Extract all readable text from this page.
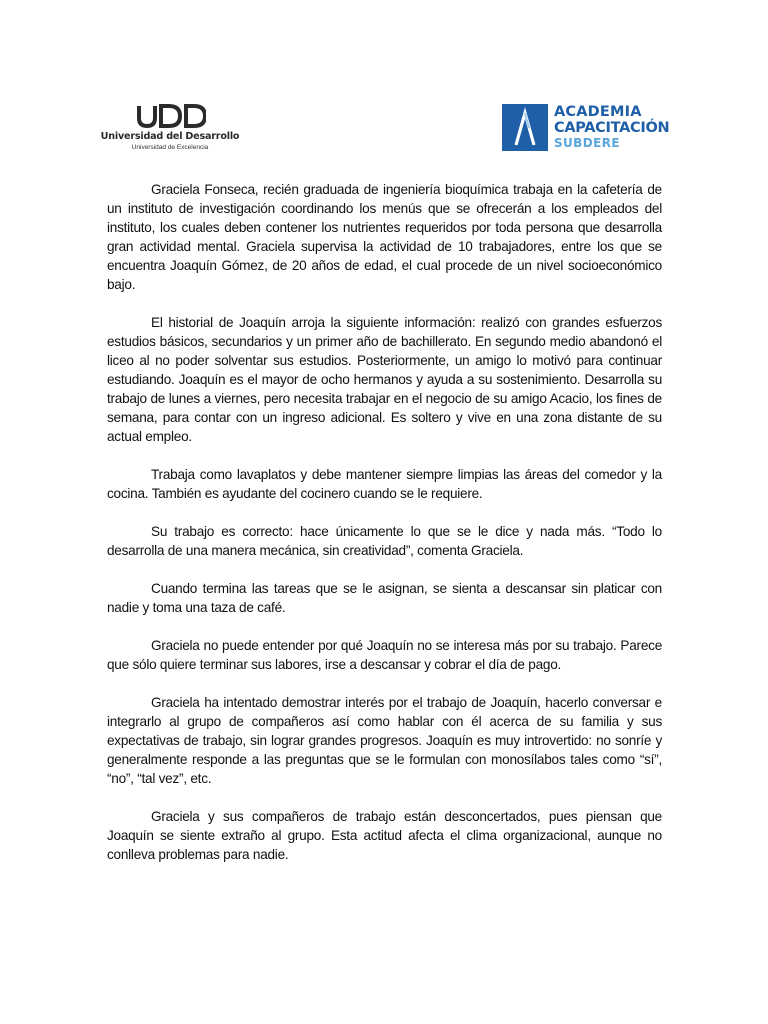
Universidad del Desarrollo
Universidad de Excelencia
ACADEMIA
CAPACITACIÓN
SUBDERE

Graciela Fonseca, recién graduada de ingeniería bioquímica trabaja en la cafetería de un instituto de investigación coordinando los menús que se ofrecerán a los empleados del instituto, los cuales deben contener los nutrientes requeridos por toda persona que desarrolla gran actividad mental. Graciela supervisa la actividad de 10 trabajadores, entre los que se encuentra Joaquín Gómez, de 20 años de edad, el cual procede de un nivel socioeconómico bajo.

El historial de Joaquín arroja la siguiente información: realizó con grandes esfuerzos estudios básicos, secundarios y un primer año de bachillerato. En segundo medio abandonó el liceo al no poder solventar sus estudios. Posteriormente, un amigo lo motivó para continuar estudiando. Joaquín es el mayor de ocho hermanos y ayuda a su sostenimiento. Desarrolla su trabajo de lunes a viernes, pero necesita trabajar en el negocio de su amigo Acacio, los fines de semana, para contar con un ingreso adicional. Es soltero y vive en una zona distante de su actual empleo.

Trabaja como lavaplatos y debe mantener siempre limpias las áreas del comedor y la cocina. También es ayudante del cocinero cuando se le requiere.

Su trabajo es correcto: hace únicamente lo que se le dice y nada más. “Todo lo desarrolla de una manera mecánica, sin creatividad”, comenta Graciela.

Cuando termina las tareas que se le asignan, se sienta a descansar sin platicar con nadie y toma una taza de café.

Graciela no puede entender por qué Joaquín no se interesa más por su trabajo. Parece que sólo quiere terminar sus labores, irse a descansar y cobrar el día de pago.

Graciela ha intentado demostrar interés por el trabajo de Joaquín, hacerlo conversar e integrarlo al grupo de compañeros así como hablar con él acerca de su familia y sus expectativas de trabajo, sin lograr grandes progresos. Joaquín es muy introvertido: no sonríe y generalmente responde a las preguntas que se le formulan con monosílabos tales como “sí”, “no”, “tal vez”, etc.

Graciela y sus compañeros de trabajo están desconcertados, pues piensan que Joaquín se siente extraño al grupo. Esta actitud afecta el clima organizacional, aunque no conlleva problemas para nadie.
